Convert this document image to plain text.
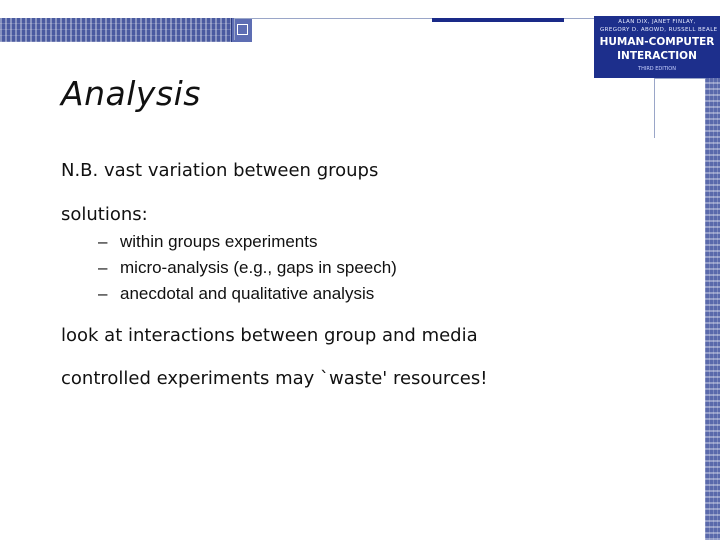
ALAN DIX, JANET FINLAY,
GREGORY D. ABOWD, RUSSELL BEALE
HUMAN-COMPUTER
INTERACTION
THIRD EDITION
Analysis
N.B. vast variation between groups
solutions:
– within groups experiments
– micro-analysis (e.g., gaps in speech)
– anecdotal and qualitative analysis
look at interactions between group and media
controlled experiments may `waste' resources!
